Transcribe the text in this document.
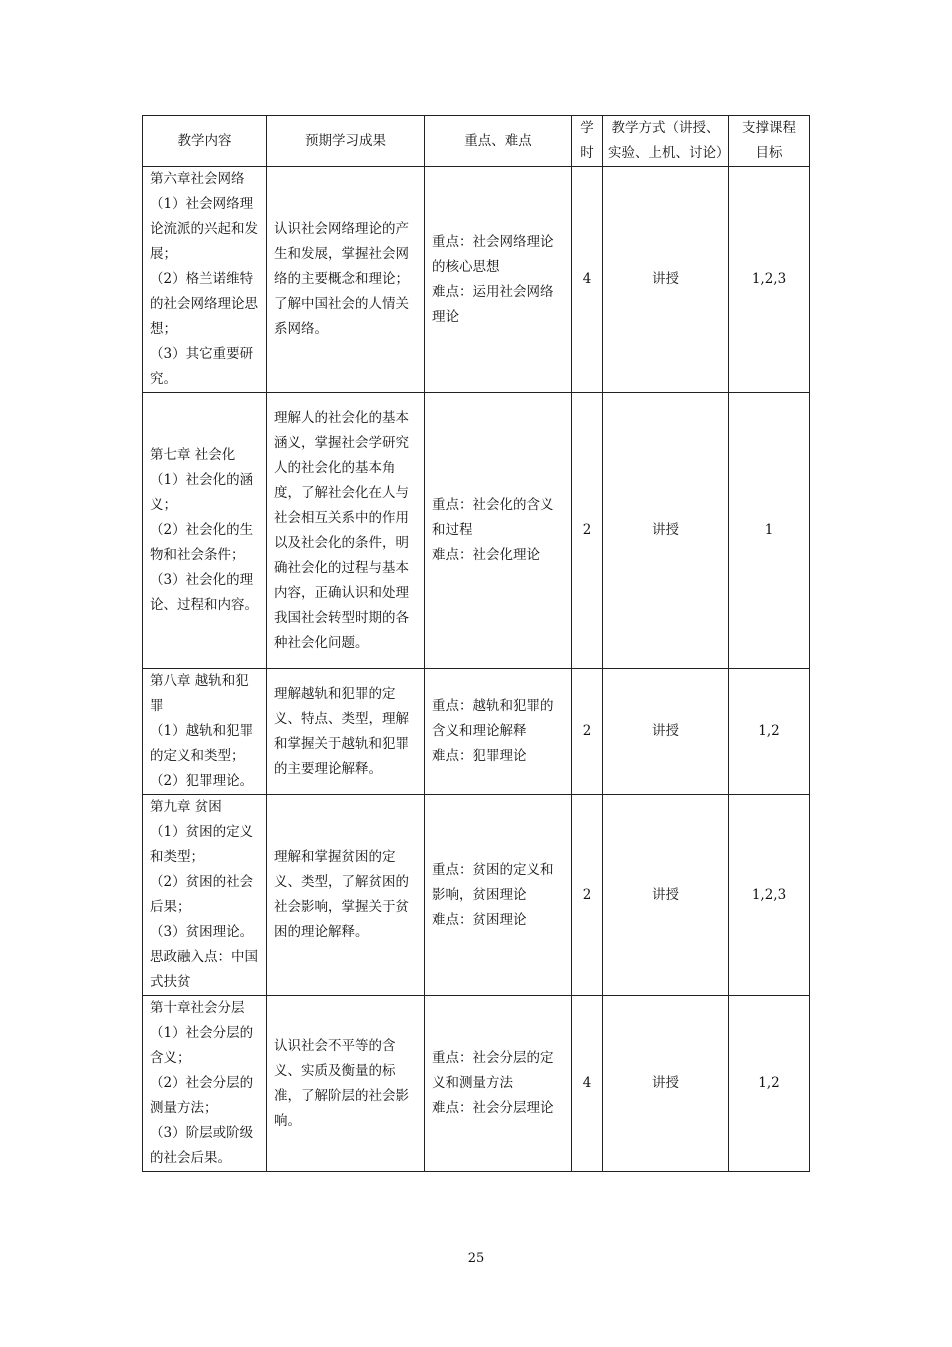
教学内容	预期学习成果	重点、难点	学时	教学方式（讲授、实验、上机、讨论）	支撑课程目标

第六章社会网络
（1）社会网络理论流派的兴起和发展；
（2）格兰诺维特的社会网络理论思想；
（3）其它重要研究。	认识社会网络理论的产生和发展，掌握社会网络的主要概念和理论；了解中国社会的人情关系网络。	重点：社会网络理论的核心思想
难点：运用社会网络理论	4	讲授	1,2,3

第七章 社会化
（1）社会化的涵义；
（2）社会化的生物和社会条件；
（3）社会化的理论、过程和内容。	理解人的社会化的基本涵义，掌握社会学研究人的社会化的基本角度，了解社会化在人与社会相互关系中的作用以及社会化的条件，明确社会化的过程与基本内容，正确认识和处理我国社会转型时期的各种社会化问题。	重点：社会化的含义和过程
难点：社会化理论	2	讲授	1

第八章 越轨和犯罪
（1）越轨和犯罪的定义和类型；
（2）犯罪理论。	理解越轨和犯罪的定义、特点、类型，理解和掌握关于越轨和犯罪的主要理论解释。	重点：越轨和犯罪的含义和理论解释
难点：犯罪理论	2	讲授	1,2

第九章 贫困
（1）贫困的定义和类型；
（2）贫困的社会后果；
（3）贫困理论。
思政融入点：中国式扶贫	理解和掌握贫困的定义、类型，了解贫困的社会影响，掌握关于贫困的理论解释。	重点：贫困的定义和影响，贫困理论
难点：贫困理论	2	讲授	1,2,3

第十章社会分层
（1）社会分层的含义；
（2）社会分层的测量方法；
（3）阶层或阶级的社会后果。	认识社会不平等的含义、实质及衡量的标准，了解阶层的社会影响。	重点：社会分层的定义和测量方法
难点：社会分层理论	4	讲授	1,2
25
